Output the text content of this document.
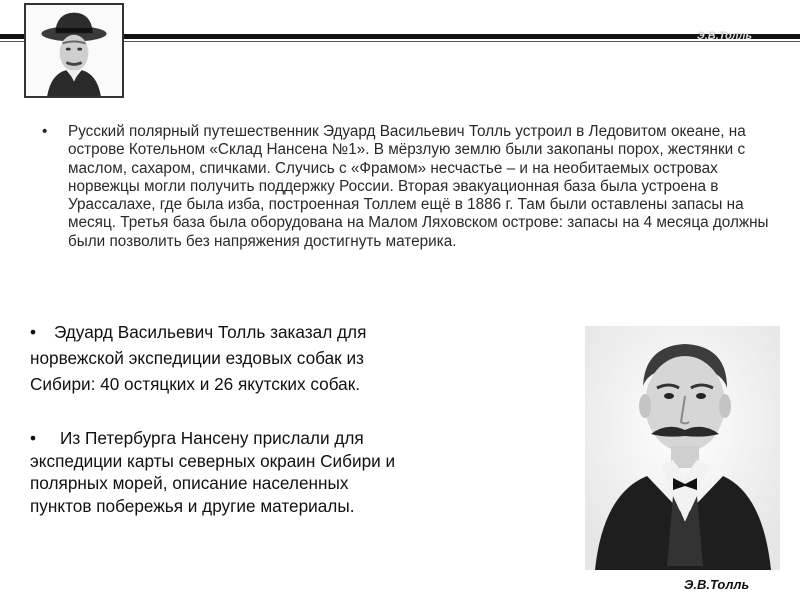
Э.В.Толль
• Русский полярный путешественник Эдуард Васильевич Толль устроил в Ледовитом океане, на острове Котельном «Склад Нансена №1». В мёрзлую землю были закопаны порох, жестянки с маслом, сахаром, спичками. Случись с «Фрамом» несчастье – и на необитаемых островах норвежцы могли получить поддержку России. Вторая эвакуационная база была устроена в Урассалахе, где была изба, построенная Толлем ещё в 1886 г. Там были оставлены запасы на месяц. Третья база была оборудована на Малом Ляховском острове: запасы на 4 месяца должны были позволить без напряжения достигнуть материка.
• Эдуард Васильевич Толль заказал для
норвежской экспедиции ездовых собак из
Сибири: 40 остяцких и 26 якутских собак.
• Из Петербурга Нансену прислали для
экспедиции карты северных окраин Сибири и
полярных морей, описание населенных
пунктов побережья и другие материалы.
Э.В.Толль
